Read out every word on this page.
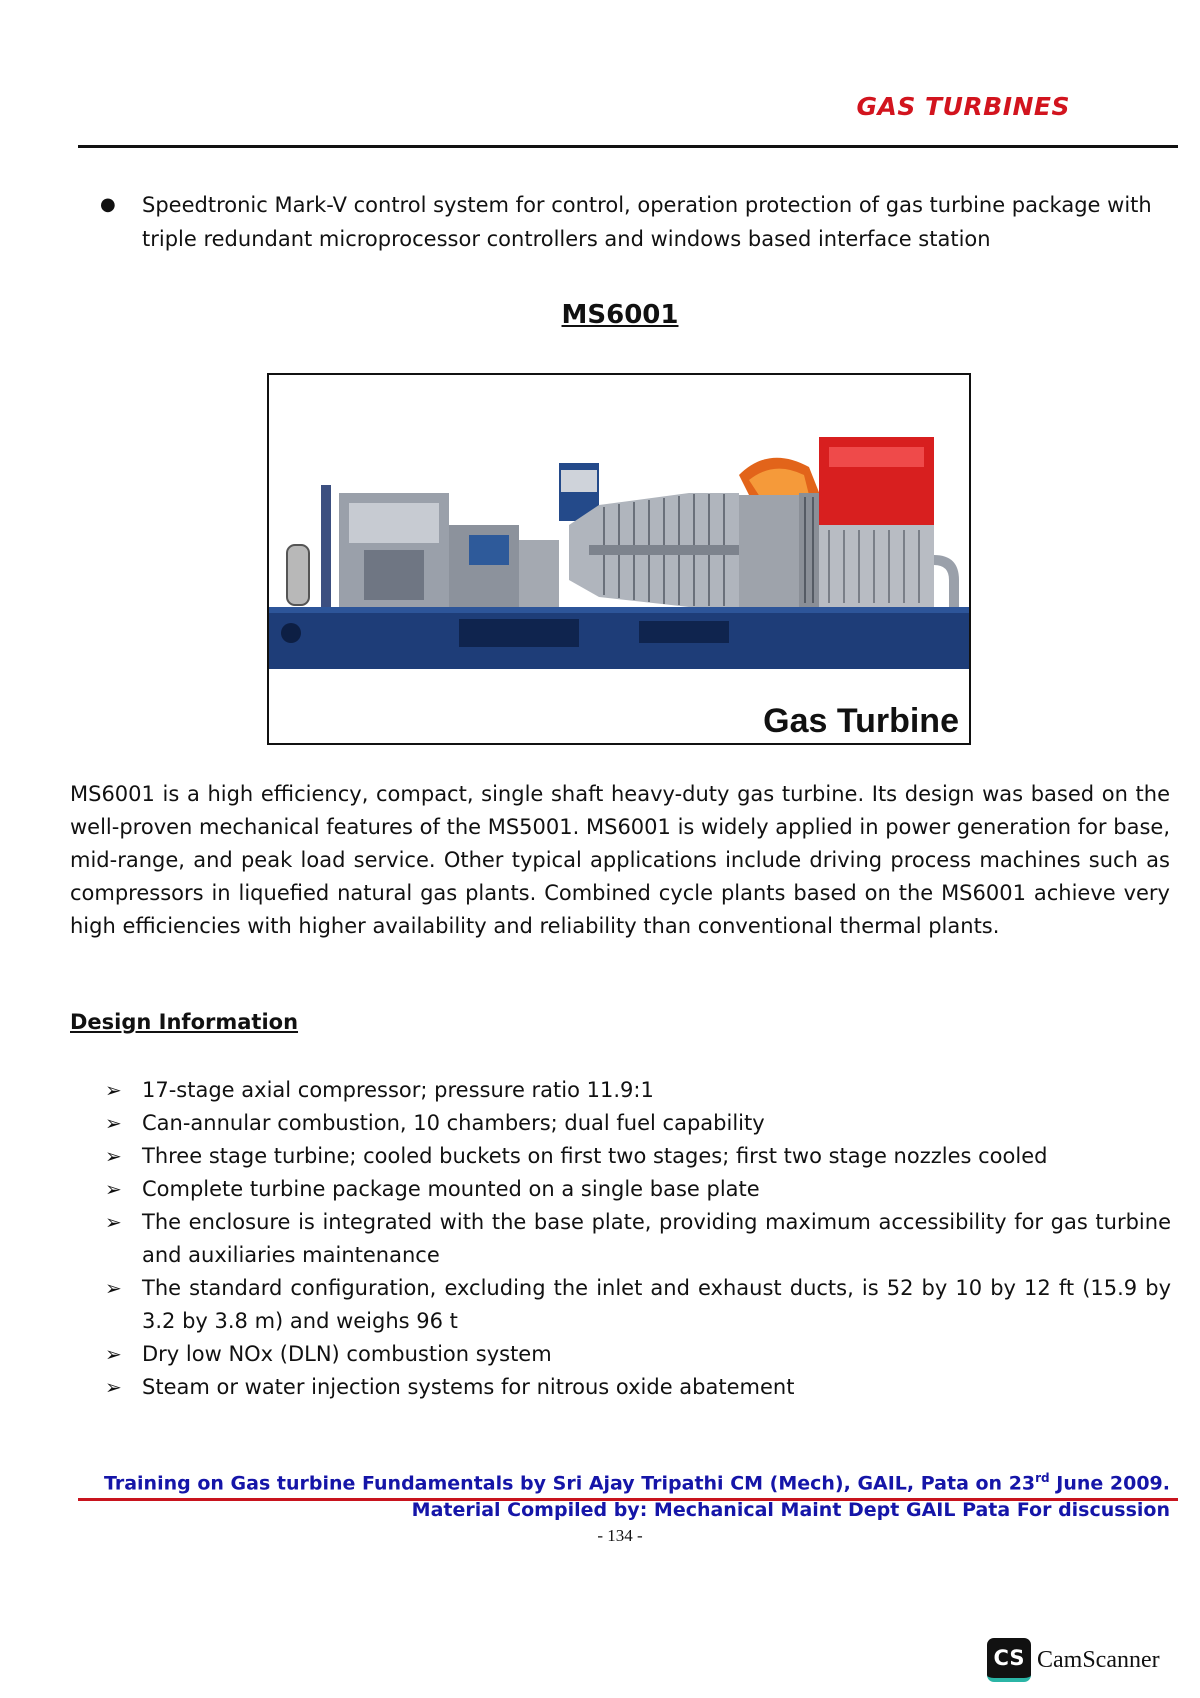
GAS TURBINES
●	Speedtronic Mark-V control system for control, operation protection of gas turbine package with triple redundant microprocessor controllers and windows based interface station
MS6001
Gas Turbine
MS6001 is a high efficiency, compact, single shaft heavy-duty gas turbine. Its design was based on the well-proven mechanical features of the MS5001. MS6001 is widely applied in power generation for base, mid-range, and peak load service. Other typical applications include driving process machines such as compressors in liquefied natural gas plants. Combined cycle plants based on the MS6001 achieve very high efficiencies with higher availability and reliability than conventional thermal plants.
Design Information
➢ 17-stage axial compressor; pressure ratio 11.9:1
➢ Can-annular combustion, 10 chambers; dual fuel capability
➢ Three stage turbine; cooled buckets on first two stages; first two stage nozzles cooled
➢ Complete turbine package mounted on a single base plate
➢ The enclosure is integrated with the base plate, providing maximum accessibility for gas turbine and auxiliaries maintenance
➢ The standard configuration, excluding the inlet and exhaust ducts, is 52 by 10 by 12 ft (15.9 by 3.2 by 3.8 m) and weighs 96 t
➢ Dry low NOx (DLN) combustion system
➢ Steam or water injection systems for nitrous oxide abatement
Training on Gas turbine Fundamentals by Sri Ajay Tripathi CM (Mech), GAIL, Pata on 23rd June 2009.
Material Compiled by: Mechanical Maint Dept GAIL Pata For discussion
- 134 -
CS CamScanner
